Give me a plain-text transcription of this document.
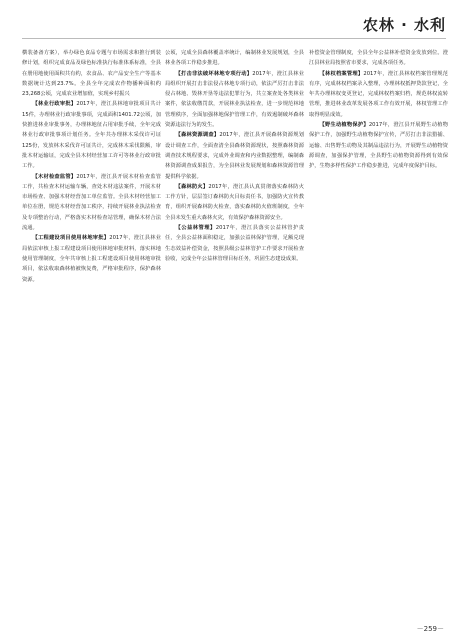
农林 · 水利

横装备备方案），举办绿色食品专题与市场需求和推行到装修计划，组织完成食品及绿色标准执行标准体系标准，全县在册用地使用面积共有约，农食品、农产品安全生产等基本数据统计达到23.7%。全县全年完成农作物播种面积约23,268公顷，完成农业增加值，实现乡村振兴

【林业行政审批】2017年，澄江县林地审批项目共计15件，办理林业行政审批事项，完成面积1401.72公顷，加快推进林业审批事务，办理林地征占用审批手续，全年完成林业行政审批事项计划任务。全年共办理林木采伐许可证125份，发放林木采伐许可证共计，完成林木采伐限额，审批木材运输证，完成全县木材经营加工许可等林业行政审批工作。

【木材检查监管】2017年，澄江县开展木材检查监管工作，共检查木材运输车辆，查处木材违法案件，开展木材市场检查、加强木材经营加工单位监管。全县木材经营加工单位在册，规范木材经营加工秩序，持续开展林业执法检查及专项整治行动，严格落实木材检查站管理，确保木材合法流通。

【工程建设项目使用林地审批】2017年，澄江县林业局依法审核上报工程建设项目使用林地审批材料，落实林地使用管理制度，全年共审核上报工程建设项目使用林地审批项目，依法收取森林植被恢复费，严格审批程序，保护森林资源。

公顷，完成全县森林覆盖率统计，编制林业发展规划，全县林业各项工作稳步推进。

【打击非法破坏林地专项行动】2017年，澄江县林业局组织开展打击非法侵占林地专项行动，依法严厉打击非法侵占林地、毁林开垦等违法犯罪行为，共立案查处各类林业案件，依法收缴罚款，开展林业执法检查，进一步规范林地管理秩序，全面加强林地保护管理工作，有效遏制破坏森林资源违法行为的发生。

【森林资源调查】2017年，澄江县开展森林资源规划设计调查工作，全面查清全县森林资源现状，按照森林资源调查技术规程要求，完成外业调查和内业数据整理，编制森林资源调查成果报告，为全县林业发展规划和森林资源管理提供科学依据。

【森林防火】2017年，澄江县认真贯彻落实森林防火工作方针，层层签订森林防火目标责任书，加强防火宣传教育，组织开展森林防火检查，落实森林防火值班制度，全年全县未发生重大森林火灾，有效保护森林资源安全。

【公益林管理】2017年，澄江县落实公益林管护责任，全县公益林面积稳定，加强公益林保护管理，足额兑现生态效益补偿资金，按照县级公益林管护工作要求开展检查验收，完成全年公益林管理目标任务，巩固生态建设成果。

补偿资金管理制度，全县全年公益林补偿资金发放到位。澄江县林业局按照省市要求，完成各项任务。

【林权档案管理】2017年，澄江县林权档案管理规范有序，完成林权档案录入整理，办理林权抵押贷款登记，全年共办理林权变更登记，完成林权档案归档，规范林权流转管理，推进林业改革发展各项工作有效开展，林权管理工作取得明显成效。

【野生动植物保护】2017年，澄江县开展野生动植物保护工作，加强野生动植物保护宣传，严厉打击非法猎捕、运输、出售野生动物及其制品违法行为，开展野生动植物资源调查，加强保护管理，全县野生动植物资源得到有效保护，生物多样性保护工作稳步推进，完成年度保护目标。

－259－
